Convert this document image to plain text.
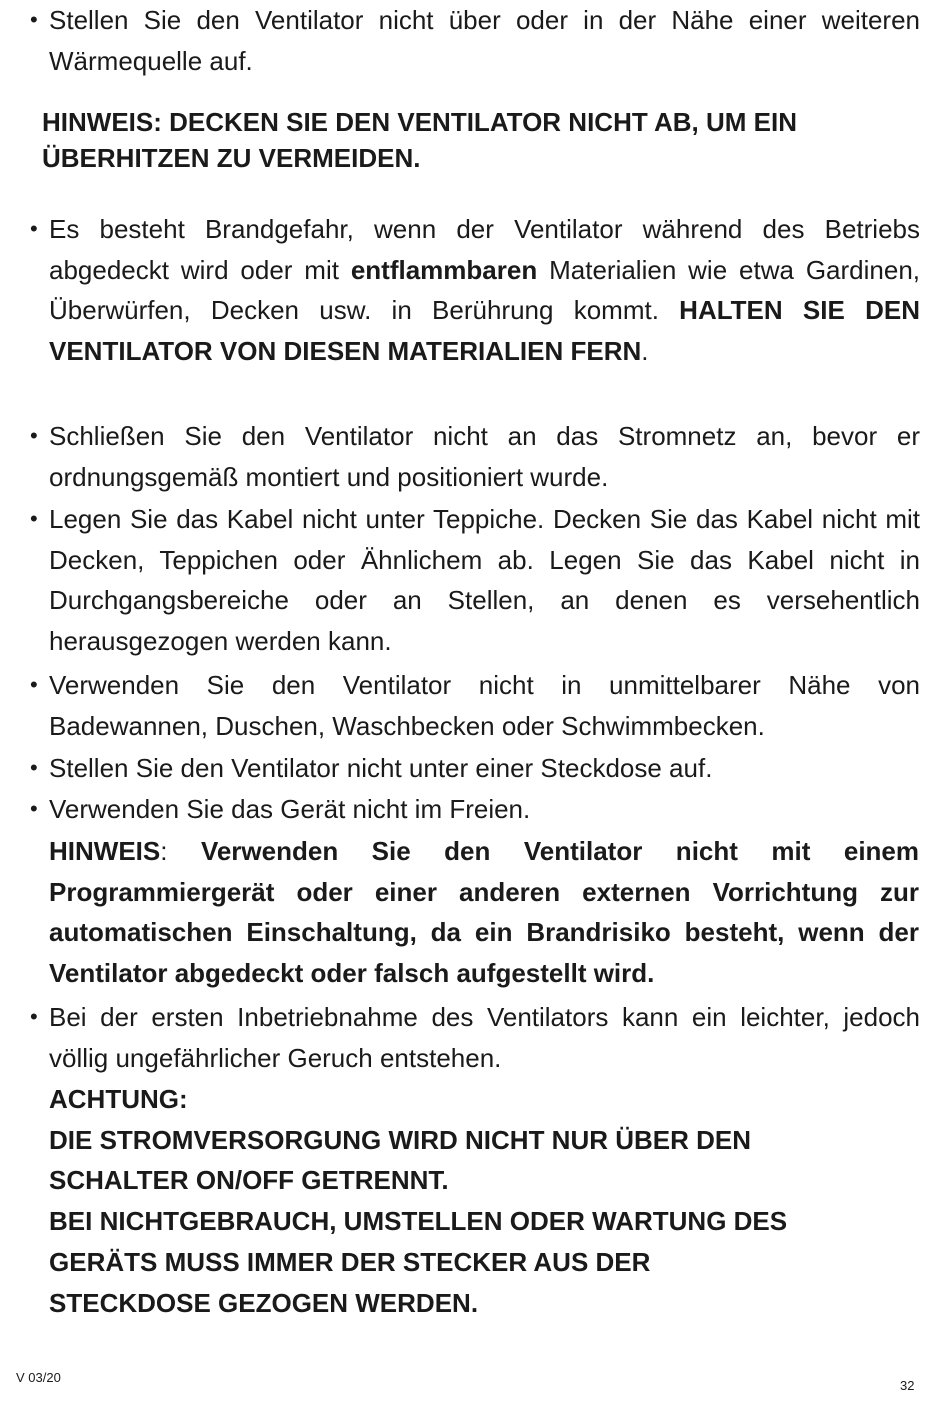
• Stellen Sie den Ventilator nicht über oder in der Nähe einer weiteren Wärmequelle auf.
HINWEIS: DECKEN SIE DEN VENTILATOR NICHT AB, UM EIN ÜBERHITZEN ZU VERMEIDEN.
• Es besteht Brandgefahr, wenn der Ventilator während des Betriebs abgedeckt wird oder mit entflammbaren Materialien wie etwa Gardinen, Überwürfen, Decken usw. in Berührung kommt. HALTEN SIE DEN VENTILATOR VON DIESEN MATERIALIEN FERN.
• Schließen Sie den Ventilator nicht an das Stromnetz an, bevor er ordnungsgemäß montiert und positioniert wurde.
• Legen Sie das Kabel nicht unter Teppiche. Decken Sie das Kabel nicht mit Decken, Teppichen oder Ähnlichem ab. Legen Sie das Kabel nicht in Durchgangsbereiche oder an Stellen, an denen es versehentlich herausgezogen werden kann.
• Verwenden Sie den Ventilator nicht in unmittelbarer Nähe von Badewannen, Duschen, Waschbecken oder Schwimmbecken.
• Stellen Sie den Ventilator nicht unter einer Steckdose auf.
• Verwenden Sie das Gerät nicht im Freien.
HINWEIS: Verwenden Sie den Ventilator nicht mit einem Programmiergerät oder einer anderen externen Vorrichtung zur automatischen Einschaltung, da ein Brandrisiko besteht, wenn der Ventilator abgedeckt oder falsch aufgestellt wird.
• Bei der ersten Inbetriebnahme des Ventilators kann ein leichter, jedoch völlig ungefährlicher Geruch entstehen.
ACHTUNG:
DIE STROMVERSORGUNG WIRD NICHT NUR ÜBER DEN
SCHALTER ON/OFF GETRENNT.
BEI NICHTGEBRAUCH, UMSTELLEN ODER WARTUNG DES
GERÄTS MUSS IMMER DER STECKER AUS DER
STECKDOSE GEZOGEN WERDEN.
V 03/20
32
